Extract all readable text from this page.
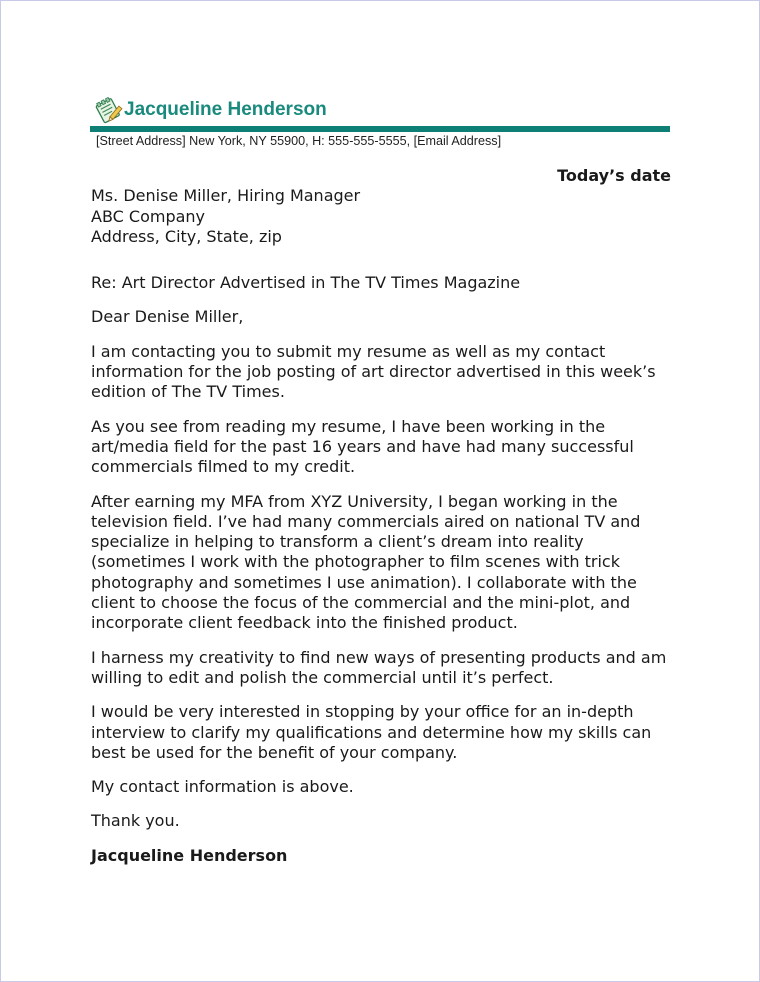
Jacqueline Henderson
[Street Address] New York, NY 55900, H: 555-555-5555, [Email Address]
Today’s date
Ms. Denise Miller, Hiring Manager
ABC Company
Address, City, State, zip
Re: Art Director Advertised in The TV Times Magazine
Dear Denise Miller,

I am contacting you to submit my resume as well as my contact information for the job posting of art director advertised in this week’s edition of The TV Times.

As you see from reading my resume, I have been working in the art/media field for the past 16 years and have had many successful commercials filmed to my credit.

After earning my MFA from XYZ University, I began working in the television field. I’ve had many commercials aired on national TV and specialize in helping to transform a client’s dream into reality (sometimes I work with the photographer to film scenes with trick photography and sometimes I use animation). I collaborate with the client to choose the focus of the commercial and the mini-plot, and incorporate client feedback into the finished product.

I harness my creativity to find new ways of presenting products and am willing to edit and polish the commercial until it’s perfect.

I would be very interested in stopping by your office for an in-depth interview to clarify my qualifications and determine how my skills can best be used for the benefit of your company.

My contact information is above.

Thank you.

Jacqueline Henderson
